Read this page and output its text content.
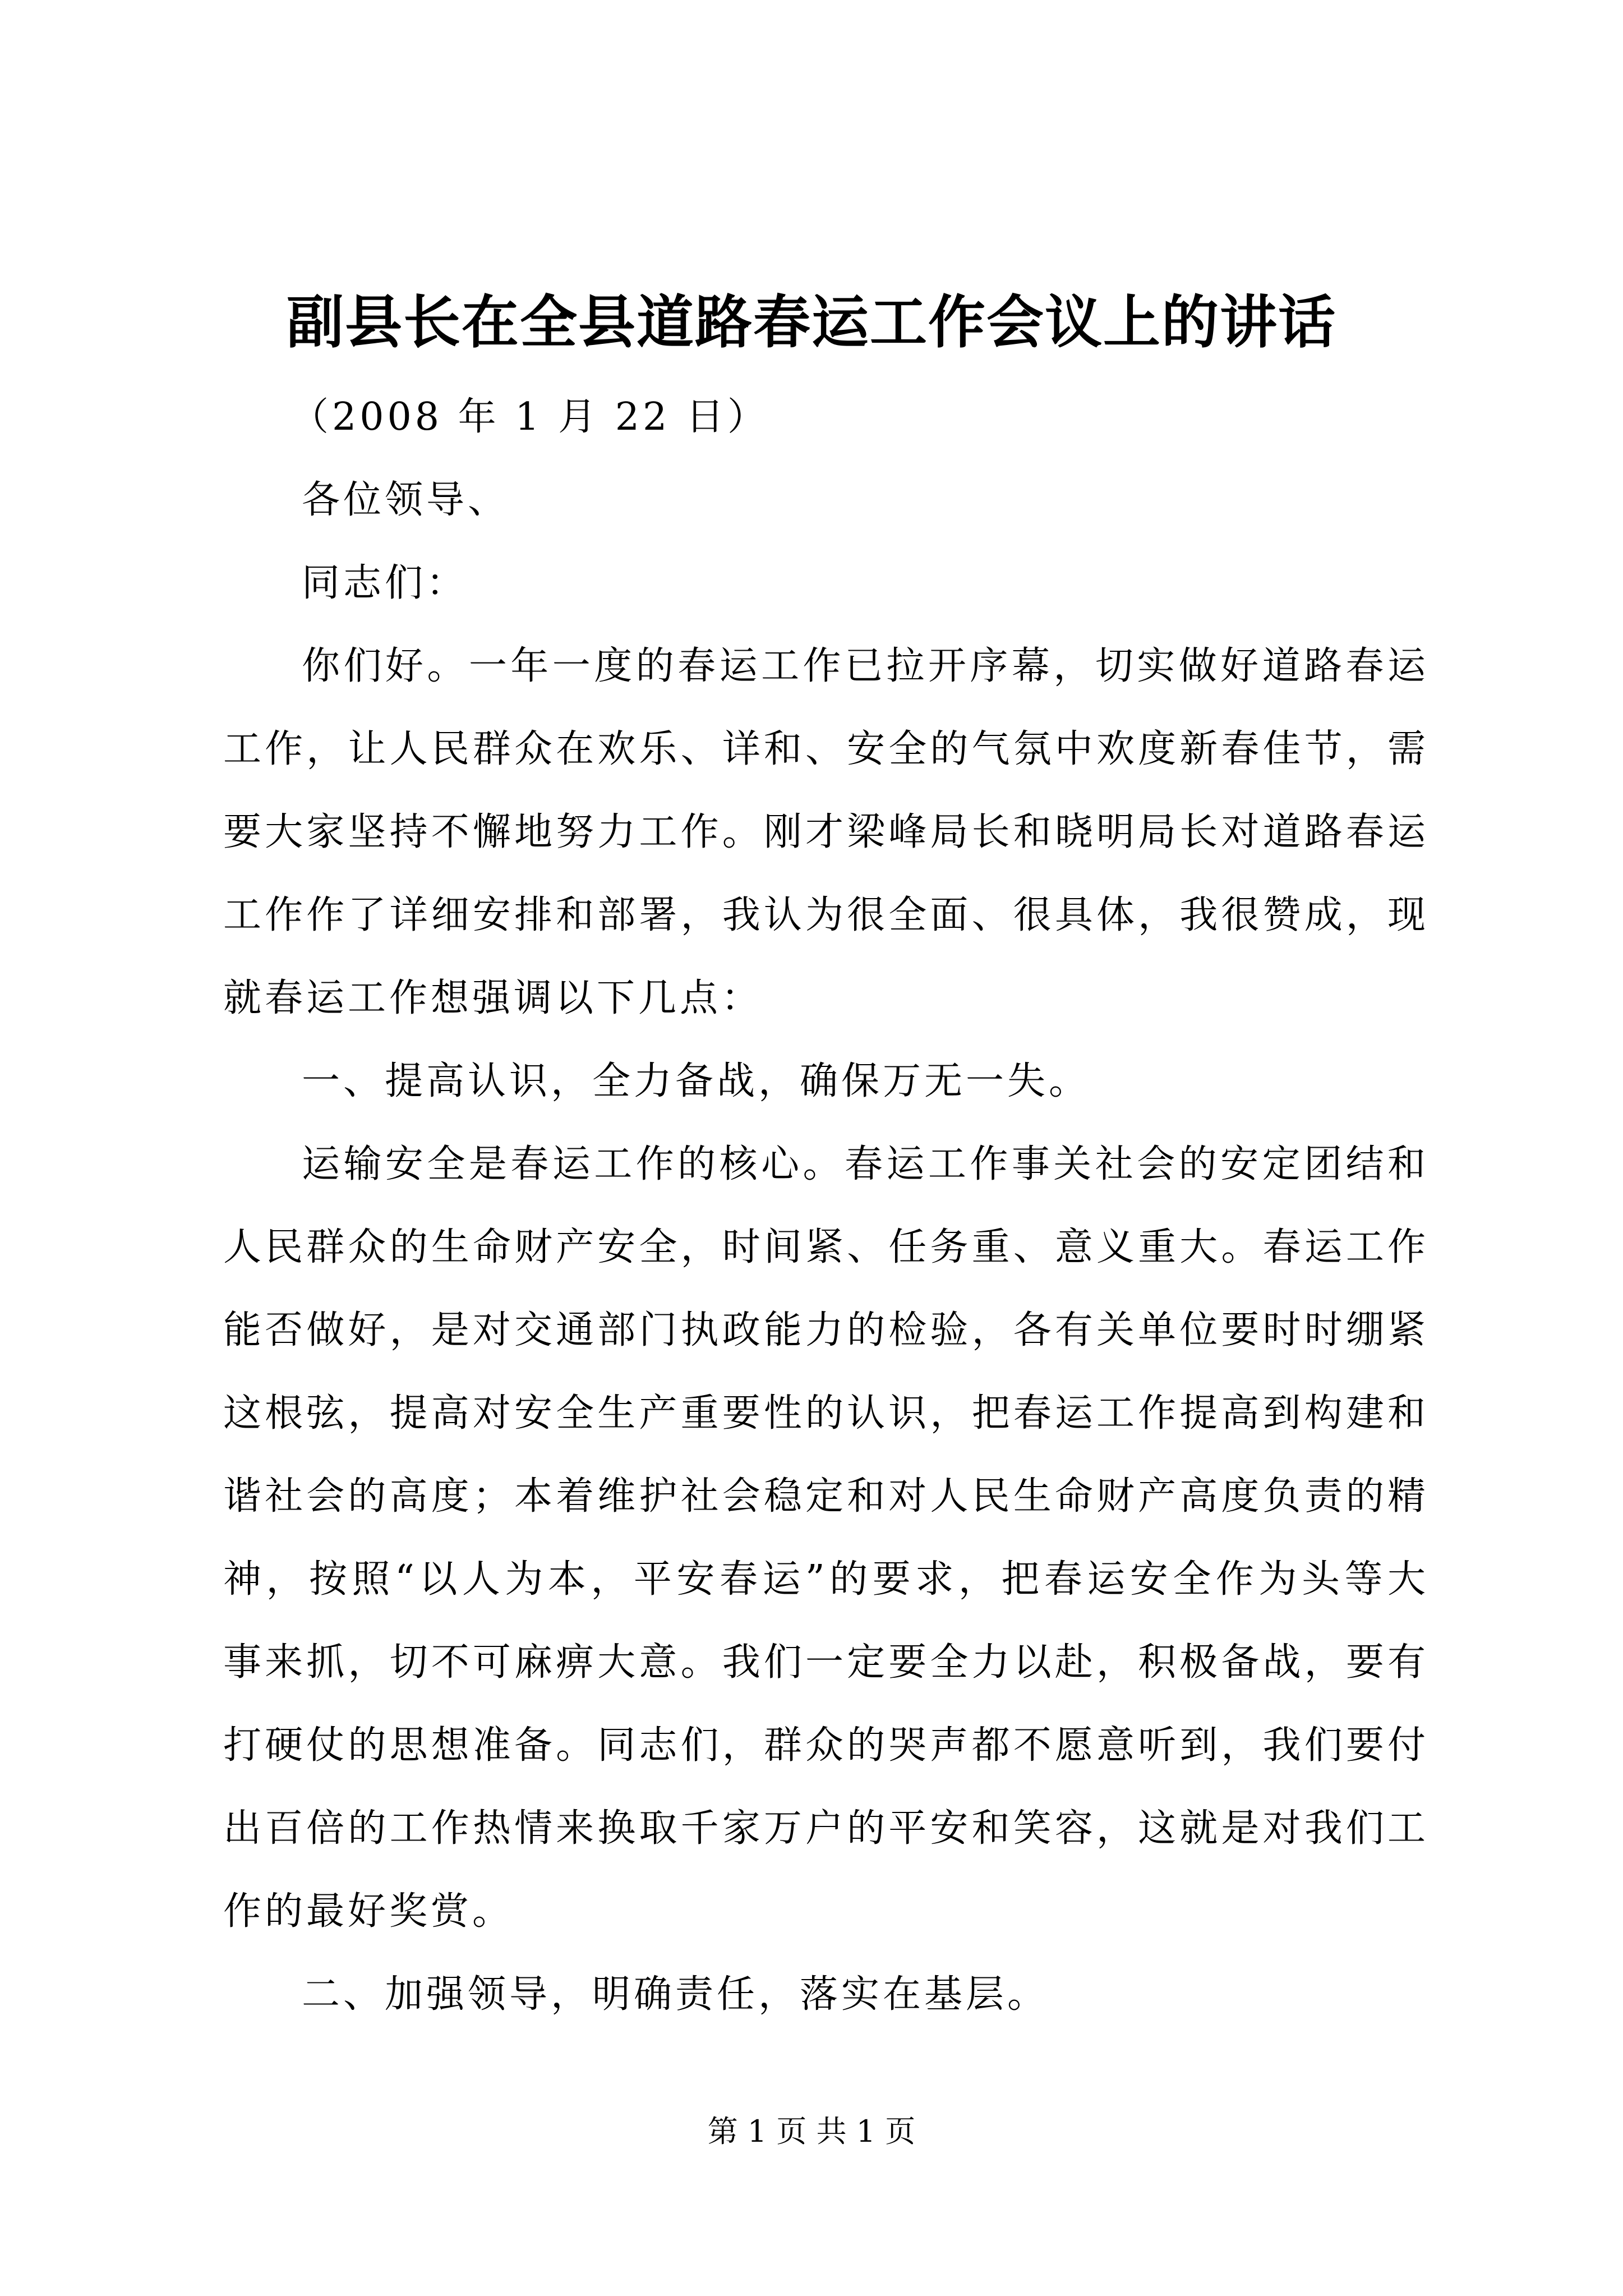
副县长在全县道路春运工作会议上的讲话

（2008 年 1 月 22 日）

各位领导、

同志们：

你们好。一年一度的春运工作已拉开序幕，切实做好道路春运工作，让人民群众在欢乐、详和、安全的气氛中欢度新春佳节，需要大家坚持不懈地努力工作。刚才梁峰局长和晓明局长对道路春运工作作了详细安排和部署，我认为很全面、很具体，我很赞成，现就春运工作想强调以下几点：

一、提高认识，全力备战，确保万无一失。

运输安全是春运工作的核心。春运工作事关社会的安定团结和人民群众的生命财产安全，时间紧、任务重、意义重大。春运工作能否做好，是对交通部门执政能力的检验，各有关单位要时时绷紧这根弦，提高对安全生产重要性的认识，把春运工作提高到构建和谐社会的高度；本着维护社会稳定和对人民生命财产高度负责的精神，按照“以人为本，平安春运”的要求，把春运安全作为头等大事来抓，切不可麻痹大意。我们一定要全力以赴，积极备战，要有打硬仗的思想准备。同志们，群众的哭声都不愿意听到，我们要付出百倍的工作热情来换取千家万户的平安和笑容，这就是对我们工作的最好奖赏。

二、加强领导，明确责任，落实在基层。

第 1 页 共 1 页
